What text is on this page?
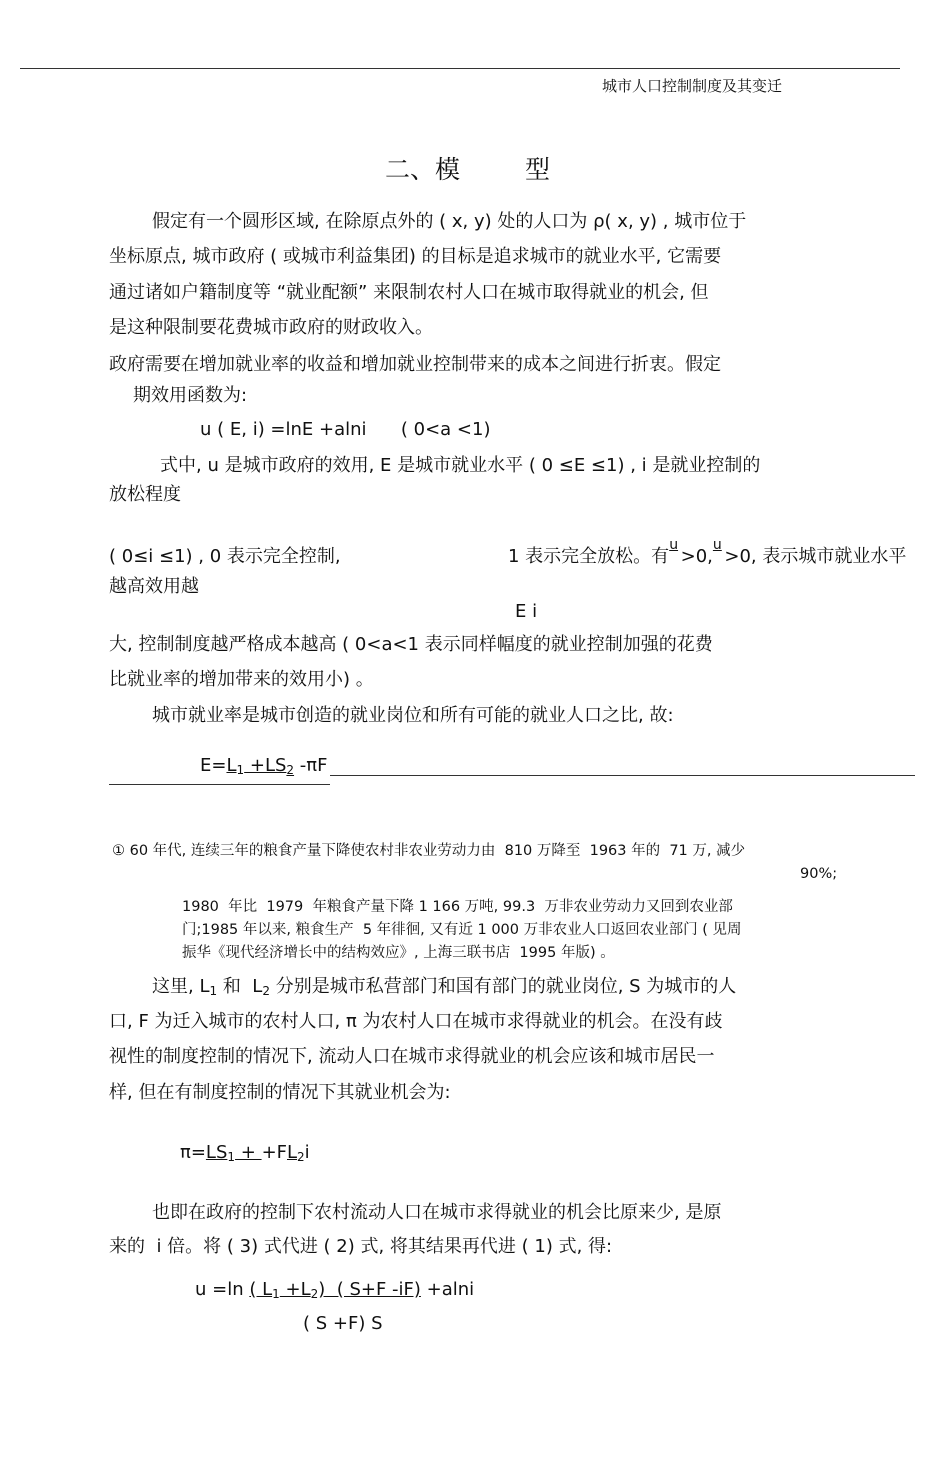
城市人口控制制度及其变迁
二、模	型
假定有一个圆形区域, 在除原点外的 ( x, y) 处的人口为 ρ( x, y) , 城市位于
坐标原点, 城市政府 ( 或城市利益集团) 的目标是追求城市的就业水平, 它需要
通过诸如户籍制度等 “就业配额” 来限制农村人口在城市取得就业的机会, 但
是这种限制要花费城市政府的财政收入。
政府需要在增加就业率的收益和增加就业控制带来的成本之间进行折衷。假定
期效用函数为:
u ( E, i) =lnE +alni      ( 0<a <1)
式中, u 是城市政府的效用, E 是城市就业水平 ( 0 ≤E ≤1) , i 是就业控制的
放松程度
( 0≤i ≤1) , 0 表示完全控制,	1 表示完全放松。有
u
>0,
u
>0, 表示城市就业水平
越高效用越
E i
大, 控制制度越严格成本越高 ( 0<a<1 表示同样幅度的就业控制加强的花费
比就业率的增加带来的效用小) 。
城市就业率是城市创造的就业岗位和所有可能的就业人口之比, 故:
$E=L_1 +LS_2$ -πF
① 60 年代, 连续三年的粮食产量下降使农村非农业劳动力由  810 万降至  1963 年的  71 万, 减少
90%;
1980  年比  1979  年粮食产量下降 1 166 万吨, 99.3  万非农业劳动力又回到农业部
门;1985 年以来, 粮食生产  5 年徘徊, 又有近 1 000 万非农业人口返回农业部门 ( 见周
振华《现代经济增长中的结构效应》, 上海三联书店  1995 年版) 。
这里, $L_1$ 和  $L_2$ 分别是城市私营部门和国有部门的就业岗位, S 为城市的人
口, F 为迁入城市的农村人口, π 为农村人口在城市求得就业的机会。在没有歧
视性的制度控制的情况下, 流动人口在城市求得就业的机会应该和城市居民一
样, 但在有制度控制的情况下其就业机会为:
$\pi=LS_1 + +FL_2i$
也即在政府的控制下农村流动人口在城市求得就业的机会比原来少, 是原
来的  i 倍。将 ( 3) 式代进 ( 2) 式, 将其结果再代进 ( 1) 式, 得:
u =ln ( $L_1 +L_2$)  ( S+F -iF) +alni
( S +F) S
